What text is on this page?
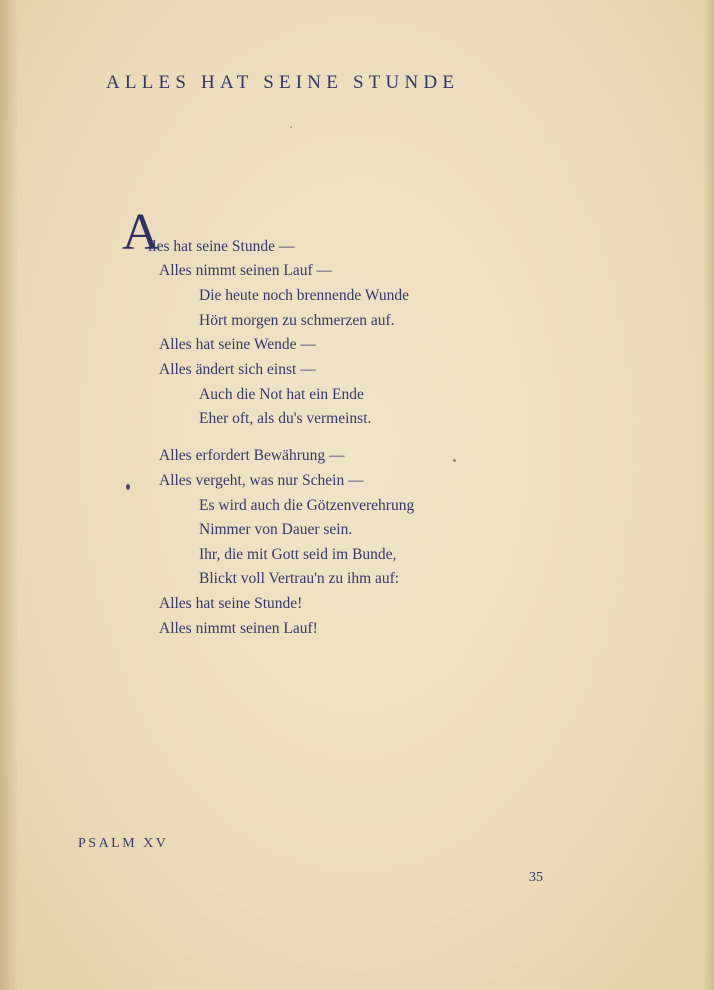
ALLES HAT SEINE STUNDE
A
lles hat seine Stunde —
Alles nimmt seinen Lauf —
Die heute noch brennende Wunde
Hört morgen zu schmerzen auf.
Alles hat seine Wende —
Alles ändert sich einst —
Auch die Not hat ein Ende
Eher oft, als du's vermeinst.
Alles erfordert Bewährung —
Alles vergeht, was nur Schein —
Es wird auch die Götzenverehrung
Nimmer von Dauer sein.
Ihr, die mit Gott seid im Bunde,
Blickt voll Vertrau'n zu ihm auf:
Alles hat seine Stunde!
Alles nimmt seinen Lauf!
PSALM XV
35
